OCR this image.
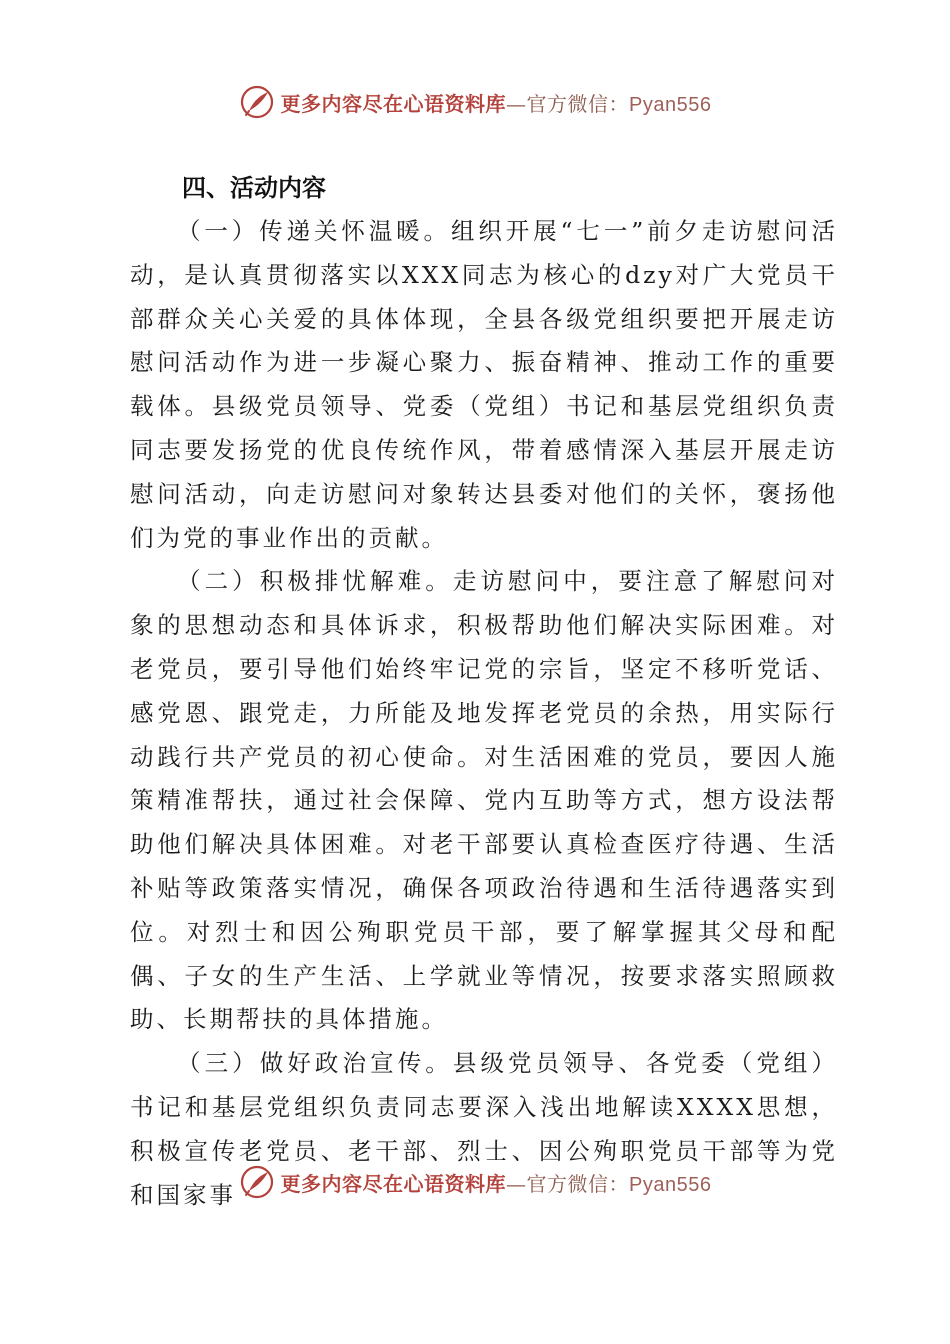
更多内容尽在心语资料库—官方微信：Pyan556
四、活动内容

（一）传递关怀温暖。组织开展“七一”前夕走访慰问活动，是认真贯彻落实以XXX同志为核心的dzy对广大党员干部群众关心关爱的具体体现，全县各级党组织要把开展走访慰问活动作为进一步凝心聚力、振奋精神、推动工作的重要载体。县级党员领导、党委（党组）书记和基层党组织负责同志要发扬党的优良传统作风，带着感情深入基层开展走访慰问活动，向走访慰问对象转达县委对他们的关怀，褒扬他们为党的事业作出的贡献。

（二）积极排忧解难。走访慰问中，要注意了解慰问对象的思想动态和具体诉求，积极帮助他们解决实际困难。对老党员，要引导他们始终牢记党的宗旨，坚定不移听党话、感党恩、跟党走，力所能及地发挥老党员的余热，用实际行动践行共产党员的初心使命。对生活困难的党员，要因人施策精准帮扶，通过社会保障、党内互助等方式，想方设法帮助他们解决具体困难。对老干部要认真检查医疗待遇、生活补贴等政策落实情况，确保各项政治待遇和生活待遇落实到位。对烈士和因公殉职党员干部，要了解掌握其父母和配偶、子女的生产生活、上学就业等情况，按要求落实照顾救助、长期帮扶的具体措施。

（三）做好政治宣传。县级党员领导、各党委（党组）书记和基层党组织负责同志要深入浅出地解读XXXX思想，积极宣传老党员、老干部、烈士、因公殉职党员干部等为党和国家事	更多内容尽在心语资料库—官方微信：Pyan556
